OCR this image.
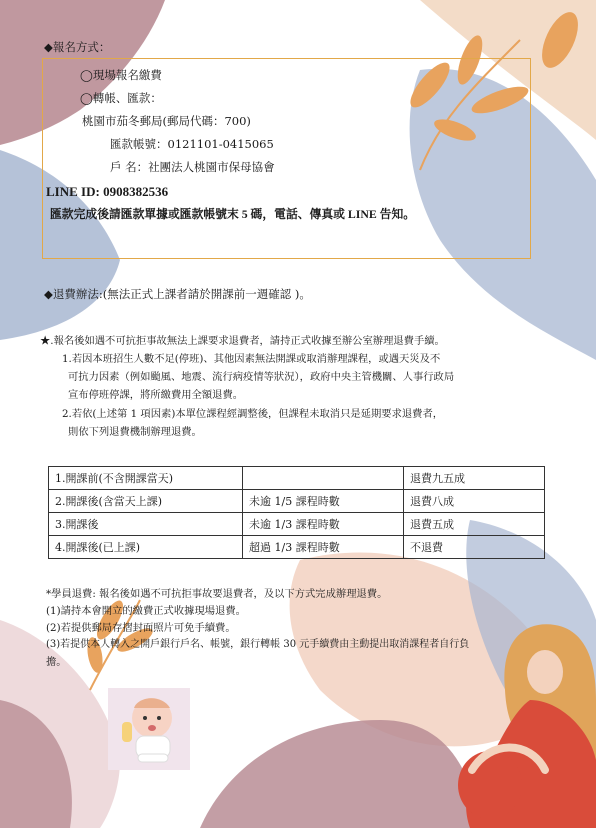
◆報名方式：
◯現場報名繳費
◯轉帳、匯款：
桃園市茄冬郵局(郵局代碼：700)
匯款帳號：0121101-0415065
戶 名：社團法人桃園市保母協會
LINE ID: 0908382536
匯款完成後請匯款單據或匯款帳號末 5 碼，電話、傳真或 LINE 告知。
◆退費辦法:(無法正式上課者請於開課前一週確認 )。
★.報名後如遇不可抗拒事故無法上課要求退費者，請持正式收據至辦公室辦理退費手續。
1.若因本班招生人數不足(停班)、其他因素無法開課或取消辦理課程，或遇天災及不
可抗力因素（例如颱風、地震、流行病疫情等狀況），政府中央主管機關、人事行政局
宣布停班停課，將所繳費用全額退費。
2.若依(上述第 1 項因素)本單位課程經調整後，但課程未取消只是延期要求退費者，
則依下列退費機制辦理退費。
1.開課前(不含開課當天)		退費九五成
2.開課後(含當天上課)	未逾 1/5 課程時數	退費八成
3.開課後	未逾 1/3 課程時數	退費五成
4.開課後(已上課)	超過 1/3 課程時數	不退費
*學員退費: 報名後如遇不可抗拒事故要退費者，及以下方式完成辦理退費。
(1)請持本會開立的繳費正式收據現場退費。
(2)若提供郵局存摺封面照片可免手續費。
(3)若提供本人轉入之開戶銀行戶名、帳號，銀行轉帳 30 元手續費由主動提出取消課程者自行負
擔。
